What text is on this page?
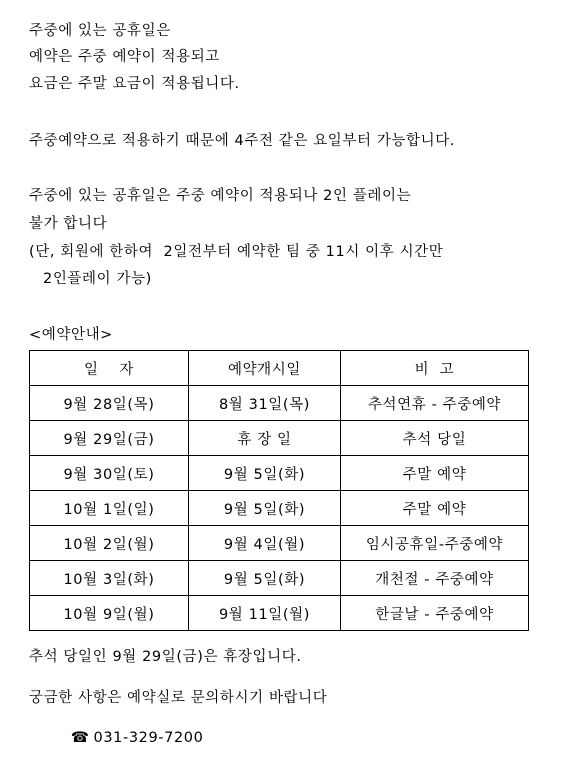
주중에 있는 공휴일은
예약은 주중 예약이 적용되고
요금은 주말 요금이 적용됩니다.
주중예약으로 적용하기 때문에 4주전 같은 요일부터 가능합니다.
주중에 있는 공휴일은 주중 예약이 적용되나 2인 플레이는
불가 합니다
(단, 회원에 한하여  2일전부터 예약한 팀 중 11시 이후 시간만
2인플레이 가능)
<예약안내>
일    자	예약개시일	비  고
9월 28일(목)	8월 31일(목)	추석연휴 - 주중예약
9월 29일(금)	휴 장 일	추석 당일
9월 30일(토)	9월 5일(화)	주말 예약
10월 1일(일)	9월 5일(화)	주말 예약
10월 2일(월)	9월 4일(월)	임시공휴일-주중예약
10월 3일(화)	9월 5일(화)	개천절 - 주중예약
10월 9일(월)	9월 11일(월)	한글날 - 주중예약
추석 당일인 9월 29일(금)은 휴장입니다.
궁금한 사항은 예약실로 문의하시기 바랍니다

☎ 031-329-7200
